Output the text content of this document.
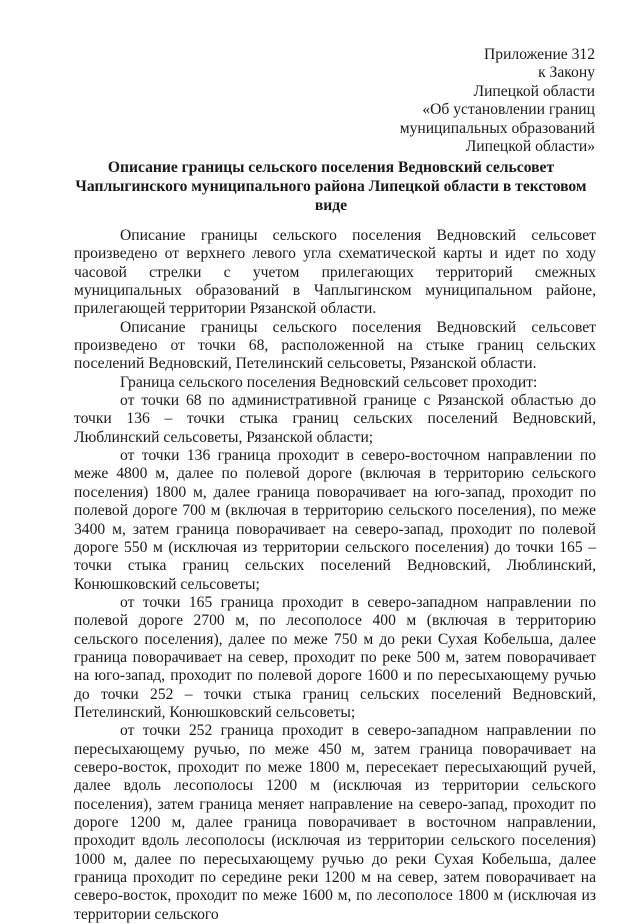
Приложение 312
к Закону
Липецкой области
«Об установлении границ
муниципальных образований
Липецкой области»
Описание границы сельского поселения Ведновский сельсовет
Чаплыгинского муниципального района Липецкой области в текстовом
виде

Описание границы сельского поселения Ведновский сельсовет произведено от верхнего левого угла схематической карты и идет по ходу часовой стрелки с учетом прилегающих территорий смежных муниципальных образований в Чаплыгинском муниципальном районе, прилегающей территории Рязанской области.

Описание границы сельского поселения Ведновский сельсовет произведено от точки 68, расположенной на стыке границ сельских поселений Ведновский, Петелинский сельсоветы, Рязанской области.

Граница сельского поселения Ведновский сельсовет проходит:

от точки 68 по административной границе с Рязанской областью до точки 136 – точки стыка границ сельских поселений Ведновский, Люблинский сельсоветы, Рязанской области;

от точки 136 граница проходит в северо-восточном направлении по меже 4800 м, далее по полевой дороге (включая в территорию сельского поселения) 1800 м, далее граница поворачивает на юго-запад, проходит по полевой дороге 700 м (включая в территорию сельского поселения), по меже 3400 м, затем граница поворачивает на северо-запад, проходит по полевой дороге 550 м (исключая из территории сельского поселения) до точки 165 – точки стыка границ сельских поселений Ведновский, Люблинский, Конюшковский сельсоветы;

от точки 165 граница проходит в северо-западном направлении по полевой дороге 2700 м, по лесополосе 400 м (включая в территорию сельского поселения), далее по меже 750 м до реки Сухая Кобельша, далее граница поворачивает на север, проходит по реке 500 м, затем поворачивает на юго-запад, проходит по полевой дороге 1600 и по пересыхающему ручью до точки 252 – точки стыка границ сельских поселений Ведновский, Петелинский, Конюшковский сельсоветы;

от точки 252 граница проходит в северо-западном направлении по пересыхающему ручью, по меже 450 м, затем граница поворачивает на северо-восток, проходит по меже 1800 м, пересекает пересыхающий ручей, далее вдоль лесополосы 1200 м (исключая из территории сельского поселения), затем граница меняет направление на северо-запад, проходит по дороге 1200 м, далее граница поворачивает в восточном направлении, проходит вдоль лесополосы (исключая из территории сельского поселения) 1000 м, далее по пересыхающему ручью до реки Сухая Кобельша, далее граница проходит по середине реки 1200 м на север, затем поворачивает на северо-восток, проходит по меже 1600 м, по лесополосе 1800 м (исключая из территории сельского
